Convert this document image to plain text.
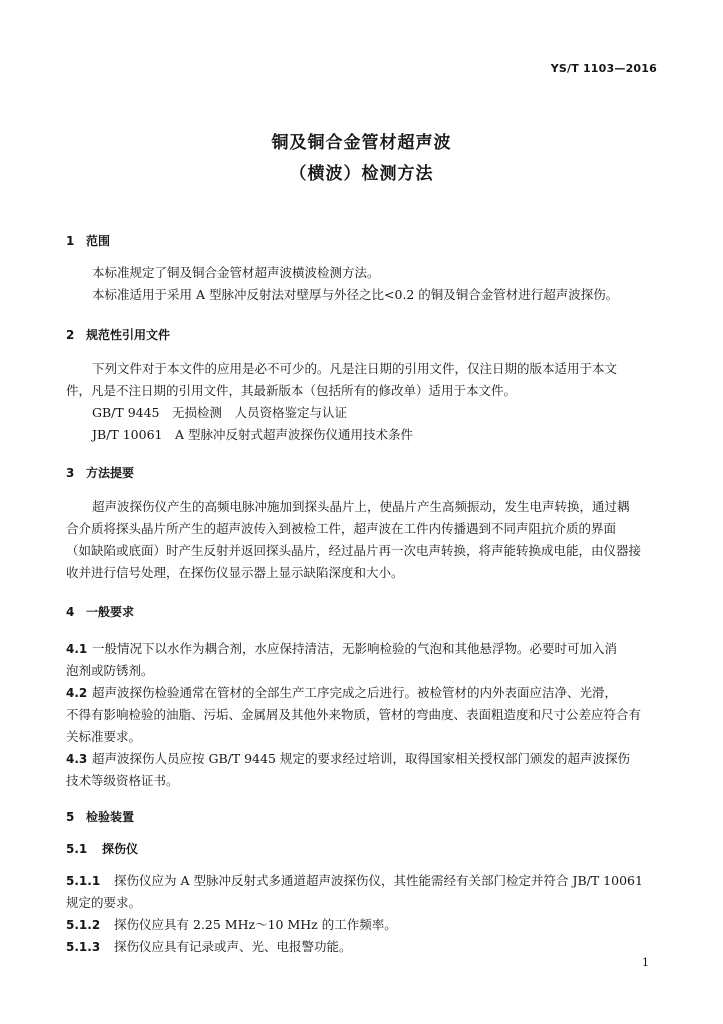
YS/T 1103—2016
铜及铜合金管材超声波
（横波）检测方法
1 范围
本标准规定了铜及铜合金管材超声波横波检测方法。
本标准适用于采用 A 型脉冲反射法对壁厚与外径之比<0.2 的铜及铜合金管材进行超声波探伤。
2 规范性引用文件
下列文件对于本文件的应用是必不可少的。凡是注日期的引用文件，仅注日期的版本适用于本文
件，凡是不注日期的引用文件，其最新版本（包括所有的修改单）适用于本文件。
GB/T 9445　无损检测　人员资格鉴定与认证
JB/T 10061　A 型脉冲反射式超声波探伤仪通用技术条件
3 方法提要
超声波探伤仪产生的高频电脉冲施加到探头晶片上，使晶片产生高频振动，发生电声转换，通过耦
合介质将探头晶片所产生的超声波传入到被检工件，超声波在工件内传播遇到不同声阻抗介质的界面
（如缺陷或底面）时产生反射并返回探头晶片，经过晶片再一次电声转换，将声能转换成电能，由仪器接
收并进行信号处理，在探伤仪显示器上显示缺陷深度和大小。
4 一般要求
4.1 一般情况下以水作为耦合剂，水应保持清洁，无影响检验的气泡和其他悬浮物。必要时可加入消
泡剂或防锈剂。
4.2 超声波探伤检验通常在管材的全部生产工序完成之后进行。被检管材的内外表面应洁净、光滑，
不得有影响检验的油脂、污垢、金属屑及其他外来物质，管材的弯曲度、表面粗造度和尺寸公差应符合有
关标准要求。
4.3 超声波探伤人员应按 GB/T 9445 规定的要求经过培训，取得国家相关授权部门颁发的超声波探伤
技术等级资格证书。
5 检验装置
5.1 探伤仪
5.1.1 探伤仪应为 A 型脉冲反射式多通道超声波探伤仪，其性能需经有关部门检定并符合 JB/T 10061
规定的要求。
5.1.2 探伤仪应具有 2.25 MHz～10 MHz 的工作频率。
5.1.3 探伤仪应具有记录或声、光、电报警功能。
1
